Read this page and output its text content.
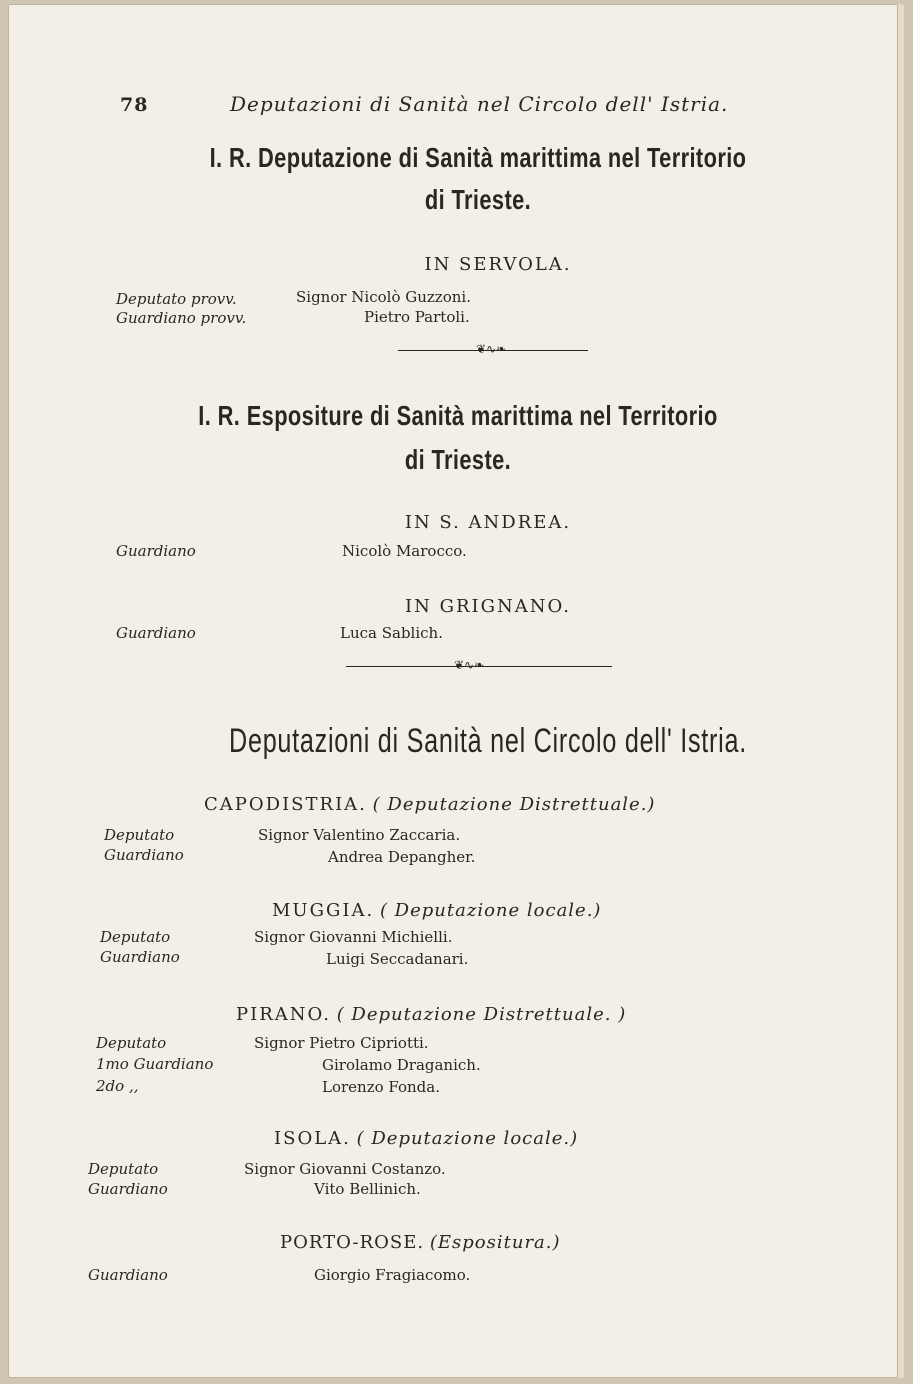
78	Deputazioni di Sanità nel Circolo dell' Istria.
I. R. Deputazione di Sanità marittima nel Territorio
di Trieste.
IN SERVOLA.
Deputato provv.	Signor Nicolò Guzzoni.
Guardiano provv.	Pietro Partoli.
❦∿❧
I. R. Espositure di Sanità marittima nel Territorio
di Trieste.
IN S. ANDREA.
Guardiano	Nicolò Marocco.
IN GRIGNANO.
Guardiano	Luca Sablich.
❦∿❧
Deputazioni di Sanità nel Circolo dell' Istria.
CAPODISTRIA. ( Deputazione Distrettuale.)
Deputato	Signor Valentino Zaccaria.
Guardiano	Andrea Depangher.
MUGGIA. ( Deputazione locale.)
Deputato	Signor Giovanni Michielli.
Guardiano	Luigi Seccadanari.
PIRANO. ( Deputazione Distrettuale. )
Deputato	Signor Pietro Cipriotti.
1mo Guardiano	Girolamo Draganich.
2do ,,	Lorenzo Fonda.
ISOLA. ( Deputazione locale.)
Deputato	Signor Giovanni Costanzo.
Guardiano	Vito Bellinich.
PORTO-ROSE. (Espositura.)
Guardiano	Giorgio Fragiacomo.
